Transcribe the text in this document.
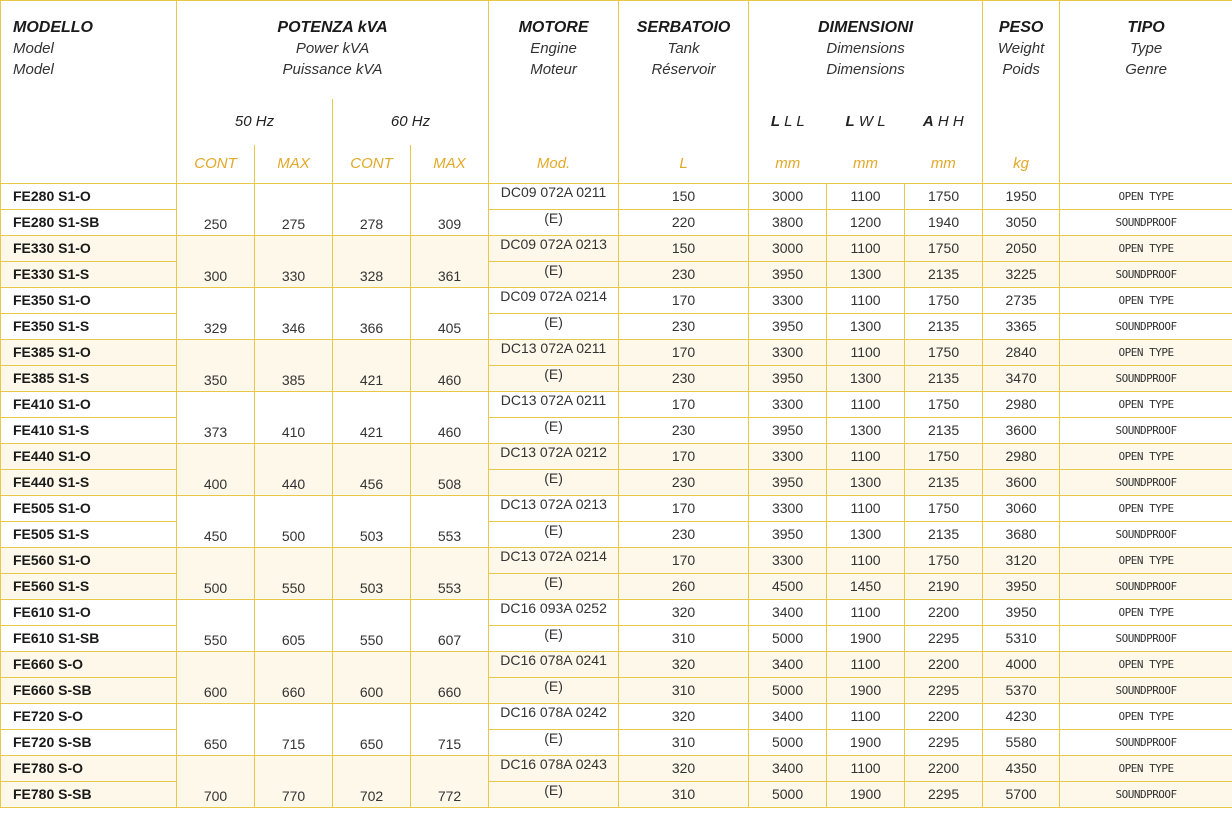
MODELLO
Model
Model	POTENZA kVA
Power kVA
Puissance kVA				MOTORE
Engine
Moteur	SERBATOIO
Tank
Réservoir	DIMENSIONI
Dimensions
Dimensions			PESO
Weight
Poids	TIPO
Type
Genre

	50 Hz		60 Hz				L L L	L W L	A H H		
	CONT	MAX	CONT	MAX	Mod.	L	mm	mm	mm	kg	
FE280 S1-O	250	275	278	309	DC09 072A 0211	150	3000	1100	1750	1950	OPEN TYPE
FE280 S1-SB					(E)	220	3800	1200	1940	3050	SOUNDPROOF
FE330 S1-O	300	330	328	361	DC09 072A 0213	150	3000	1100	1750	2050	OPEN TYPE
FE330 S1-S					(E)	230	3950	1300	2135	3225	SOUNDPROOF
FE350 S1-O	329	346	366	405	DC09 072A 0214	170	3300	1100	1750	2735	OPEN TYPE
FE350 S1-S					(E)	230	3950	1300	2135	3365	SOUNDPROOF
FE385 S1-O	350	385	421	460	DC13 072A 0211	170	3300	1100	1750	2840	OPEN TYPE
FE385 S1-S					(E)	230	3950	1300	2135	3470	SOUNDPROOF
FE410 S1-O	373	410	421	460	DC13 072A 0211	170	3300	1100	1750	2980	OPEN TYPE
FE410 S1-S					(E)	230	3950	1300	2135	3600	SOUNDPROOF
FE440 S1-O	400	440	456	508	DC13 072A 0212	170	3300	1100	1750	2980	OPEN TYPE
FE440 S1-S					(E)	230	3950	1300	2135	3600	SOUNDPROOF
FE505 S1-O	450	500	503	553	DC13 072A 0213	170	3300	1100	1750	3060	OPEN TYPE
FE505 S1-S					(E)	230	3950	1300	2135	3680	SOUNDPROOF
FE560 S1-O	500	550	503	553	DC13 072A 0214	170	3300	1100	1750	3120	OPEN TYPE
FE560 S1-S					(E)	260	4500	1450	2190	3950	SOUNDPROOF
FE610 S1-O	550	605	550	607	DC16 093A 0252	320	3400	1100	2200	3950	OPEN TYPE
FE610 S1-SB					(E)	310	5000	1900	2295	5310	SOUNDPROOF
FE660 S-O	600	660	600	660	DC16 078A 0241	320	3400	1100	2200	4000	OPEN TYPE
FE660 S-SB					(E)	310	5000	1900	2295	5370	SOUNDPROOF
FE720 S-O	650	715	650	715	DC16 078A 0242	320	3400	1100	2200	4230	OPEN TYPE
FE720 S-SB					(E)	310	5000	1900	2295	5580	SOUNDPROOF
FE780 S-O	700	770	702	772	DC16 078A 0243	320	3400	1100	2200	4350	OPEN TYPE
FE780 S-SB					(E)	310	5000	1900	2295	5700	SOUNDPROOF
